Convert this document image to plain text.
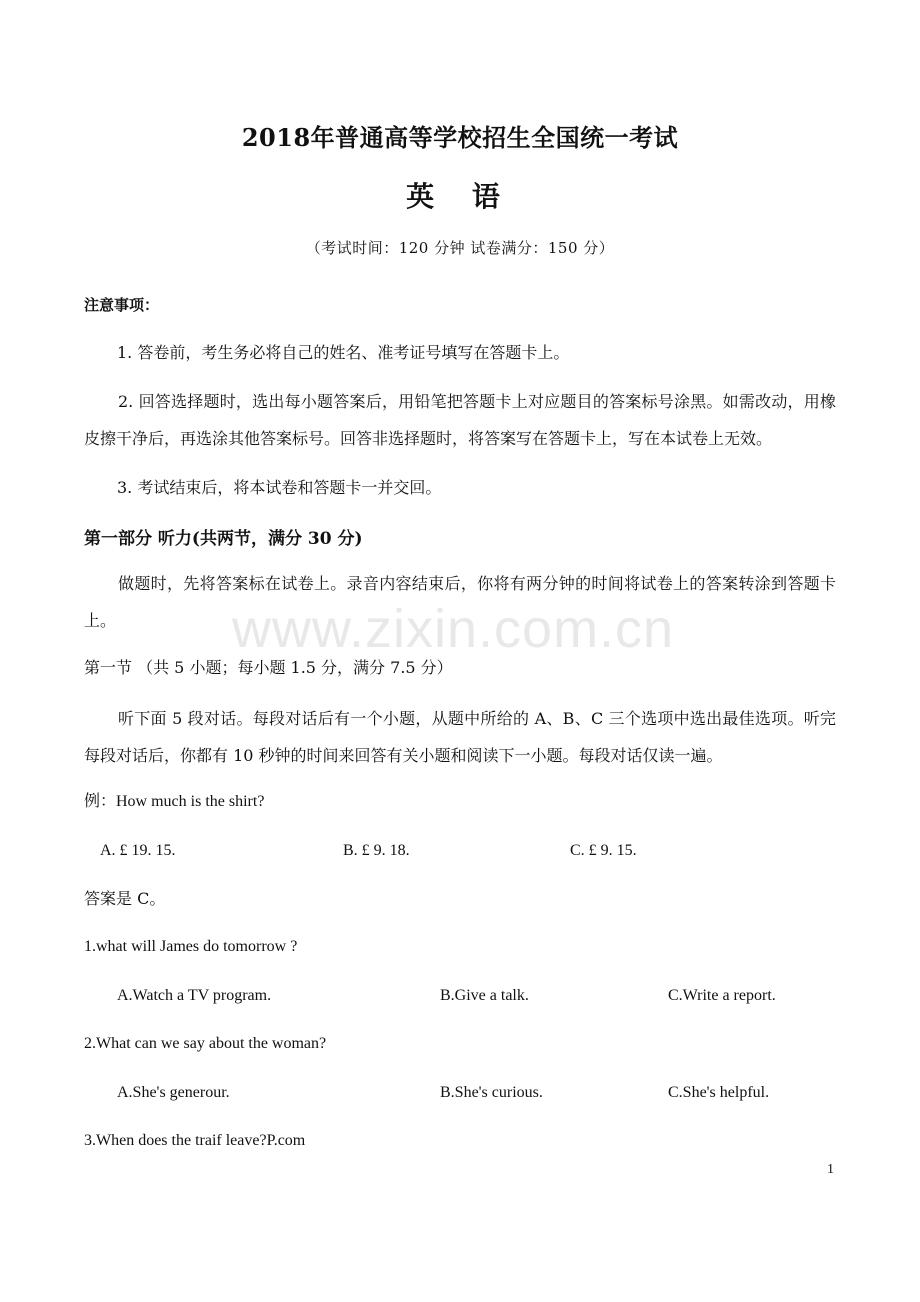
2018年普通高等学校招生全国统一考试
英 语
（考试时间：120 分钟 试卷满分：150 分）
注意事项：
1. 答卷前，考生务必将自己的姓名、准考证号填写在答题卡上。
2. 回答选择题时，选出每小题答案后，用铅笔把答题卡上对应题目的答案标号涂黑。如需改动，用橡皮擦干净后，再选涂其他答案标号。回答非选择题时，将答案写在答题卡上，写在本试卷上无效。
3. 考试结束后，将本试卷和答题卡一并交回。
第一部分 听力(共两节，满分 30 分)
做题时，先将答案标在试卷上。录音内容结束后，你将有两分钟的时间将试卷上的答案转涂到答题卡上。	www.zixin.com.cn
第一节 （共 5 小题；每小题 1.5 分，满分 7.5 分）
听下面 5 段对话。每段对话后有一个小题，从题中所给的 A、B、C 三个选项中选出最佳选项。听完每段对话后，你都有 10 秒钟的时间来回答有关小题和阅读下一小题。每段对话仅读一遍。
例：How much is the shirt?
A. £ 19. 15.	B. £ 9. 18.	C. £ 9. 15.
答案是 C。
1.what will James do tomorrow ?
A.Watch a TV program.	B.Give a talk.	C.Write a report.
2.What can we say about the woman?
A.She's generour.	B.She's curious.	C.She's helpful.
3.When does the traif leave?P.com
1
